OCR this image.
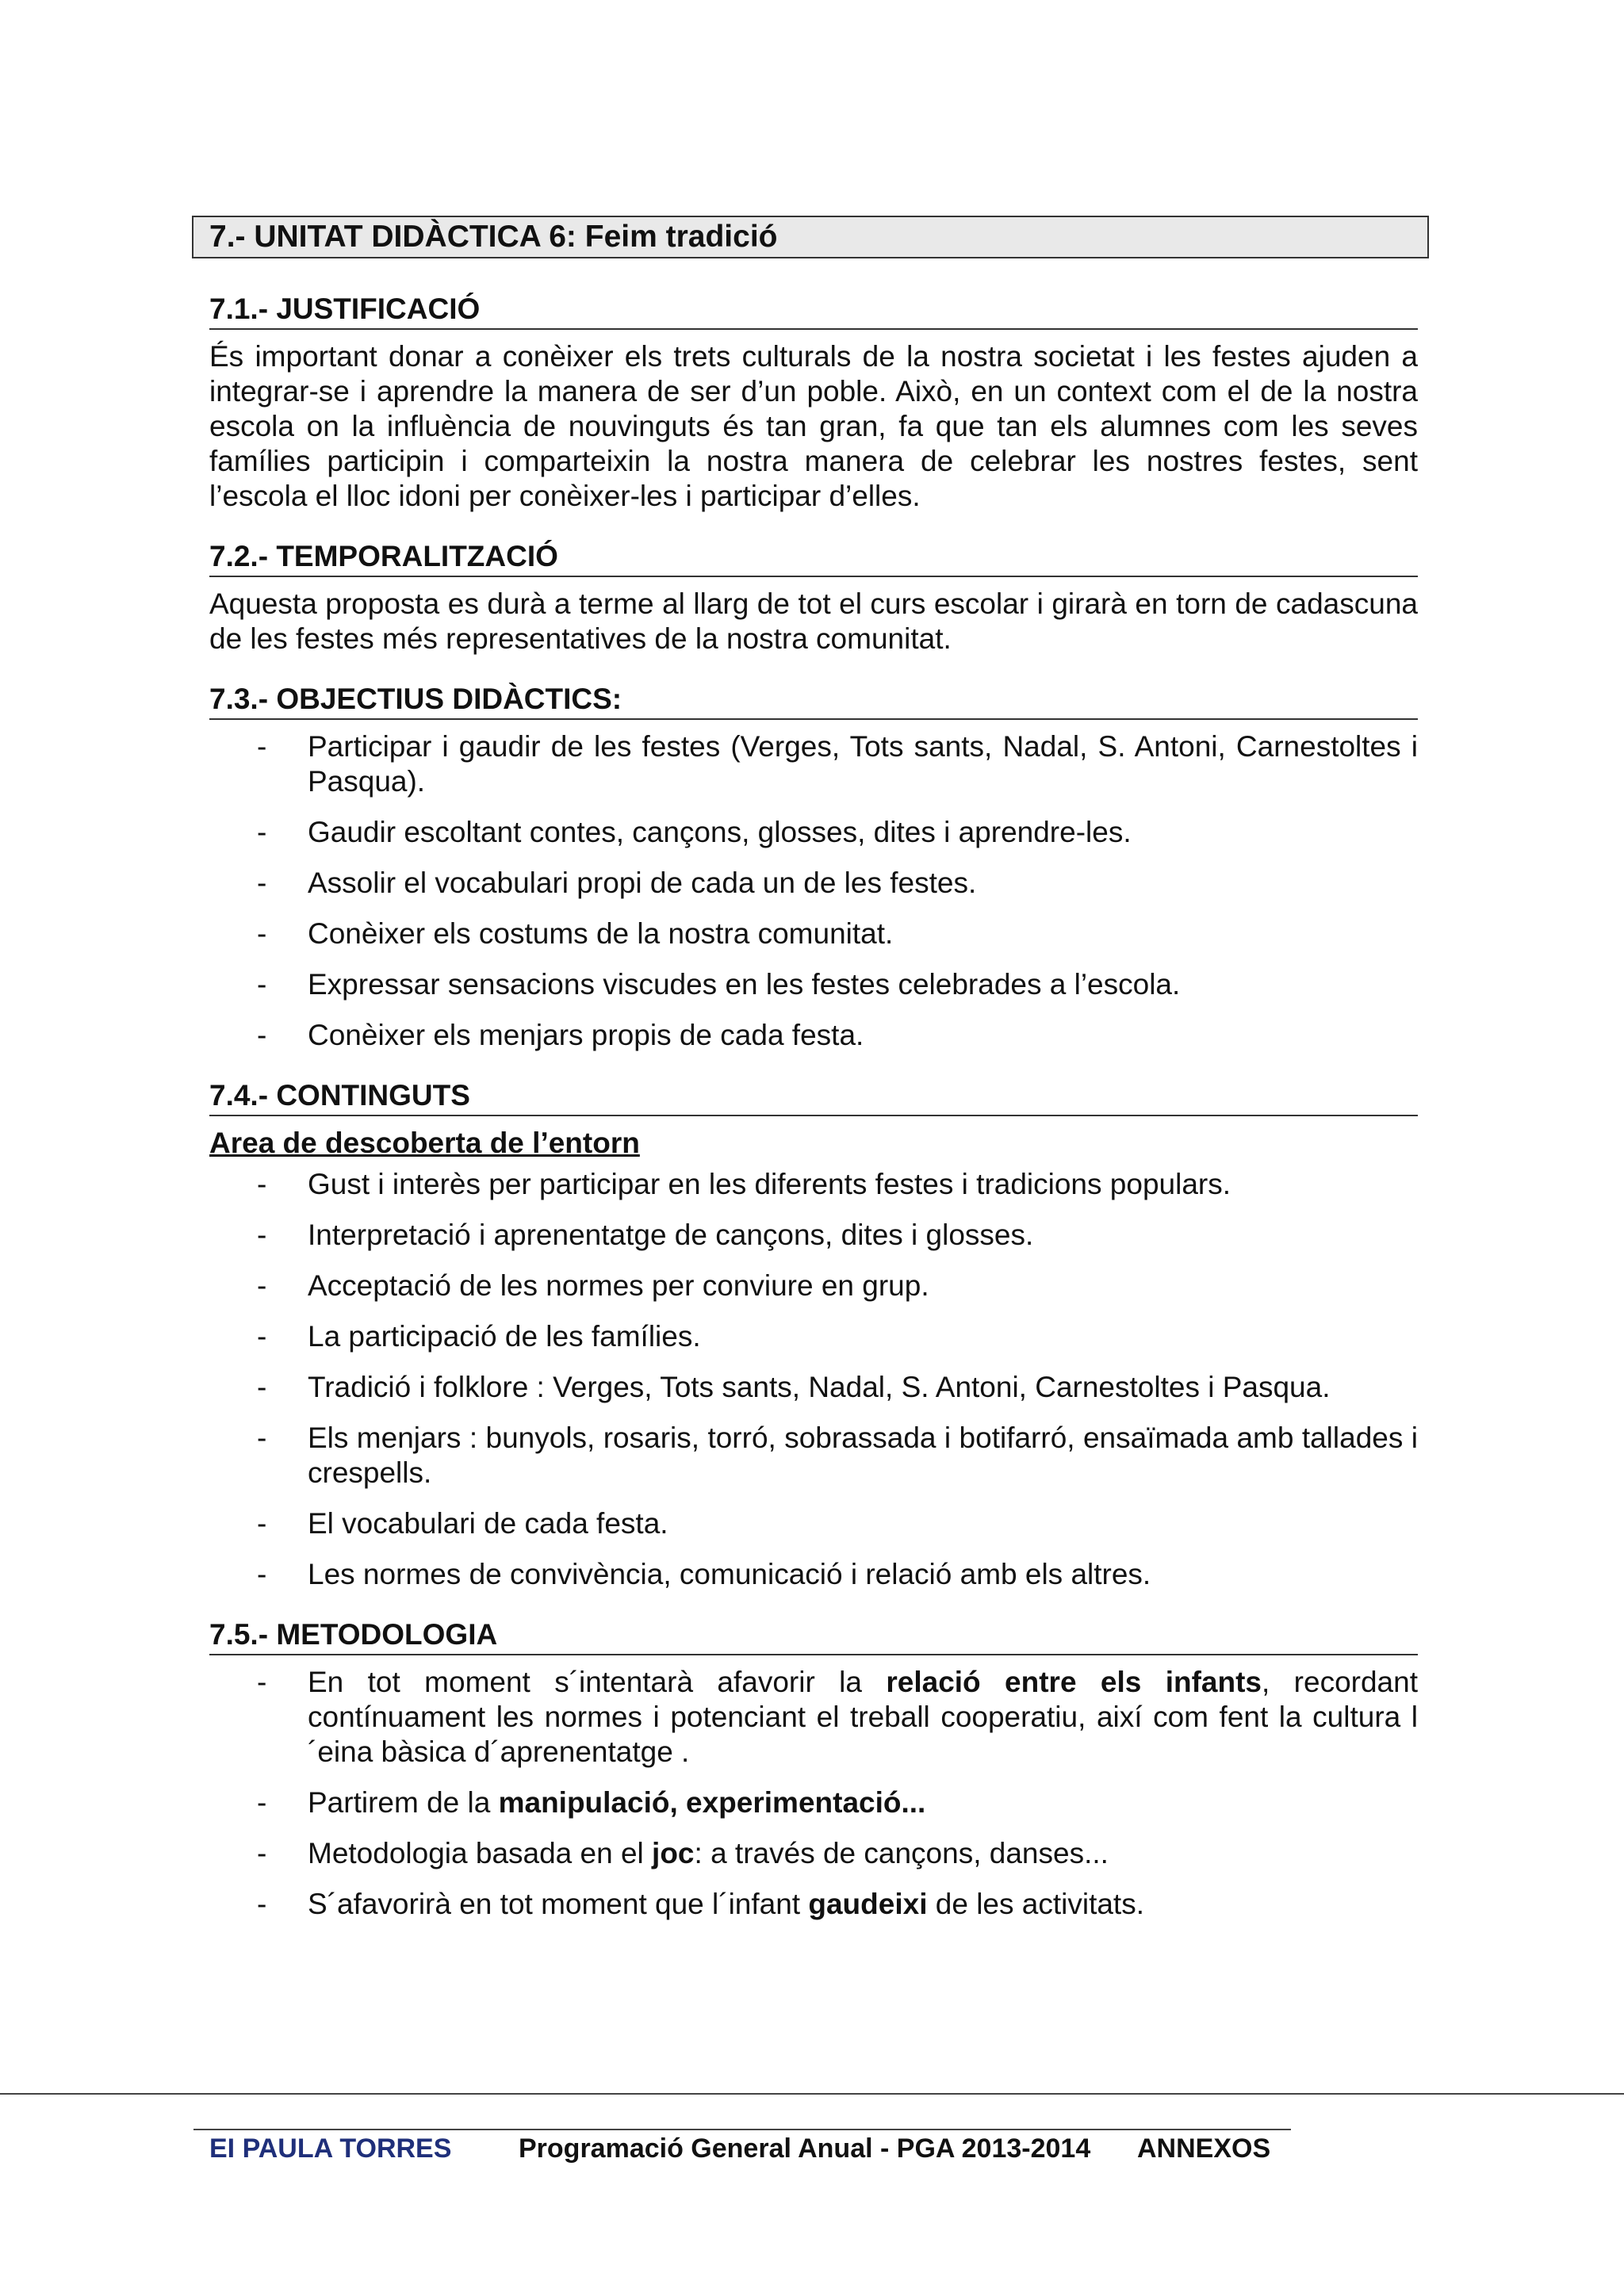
7.- UNITAT DIDÀCTICA 6: Feim tradició
7.1.- JUSTIFICACIÓ

És important donar a conèixer els trets culturals de la nostra societat i les festes ajuden a integrar-se i aprendre la manera de ser d’un poble. Això, en un context com el de la nostra escola on la influència de nouvinguts és tan gran, fa que tan els alumnes com les seves famílies participin i comparteixin la nostra manera de celebrar les nostres festes, sent l’escola el lloc idoni per conèixer-les i participar d’elles.

7.2.- TEMPORALITZACIÓ

Aquesta proposta es durà a terme al llarg de tot el curs escolar i girarà en torn de cadascuna de les festes més representatives de la nostra comunitat.

7.3.- OBJECTIUS DIDÀCTICS:
- Participar i gaudir de les festes (Verges, Tots sants, Nadal, S. Antoni, Carnestoltes i Pasqua).
- Gaudir escoltant contes, cançons, glosses, dites i aprendre-les.
- Assolir el vocabulari propi de cada un de les festes.
- Conèixer els costums de la nostra comunitat.
- Expressar sensacions viscudes en les festes celebrades a l’escola.
- Conèixer els menjars propis de cada festa.
7.4.- CONTINGUTS
Area de descoberta de l’entorn
- Gust i interès per participar en les diferents festes i tradicions populars.
- Interpretació i aprenentatge de cançons, dites i glosses.
- Acceptació de les normes per conviure en grup.
- La participació de les famílies.
- Tradició i folklore : Verges, Tots sants, Nadal, S. Antoni, Carnestoltes i Pasqua.
- Els menjars : bunyols, rosaris, torró, sobrassada i botifarró, ensaïmada amb tallades i crespells.
- El vocabulari de cada festa.
- Les normes de convivència, comunicació i relació amb els altres.
7.5.- METODOLOGIA
- En tot moment s´intentarà afavorir la relació entre els infants, recordant contínuament les normes i potenciant el treball cooperatiu, així com fent la cultura l´eina bàsica d´aprenentatge .
- Partirem de la manipulació, experimentació...
- Metodologia basada en el joc: a través de cançons, danses...
- S´afavorirà en tot moment que l´infant gaudeixi de les activitats.
EI PAULA TORRES Programació General Anual - PGA 2013-2014 ANNEXOS
